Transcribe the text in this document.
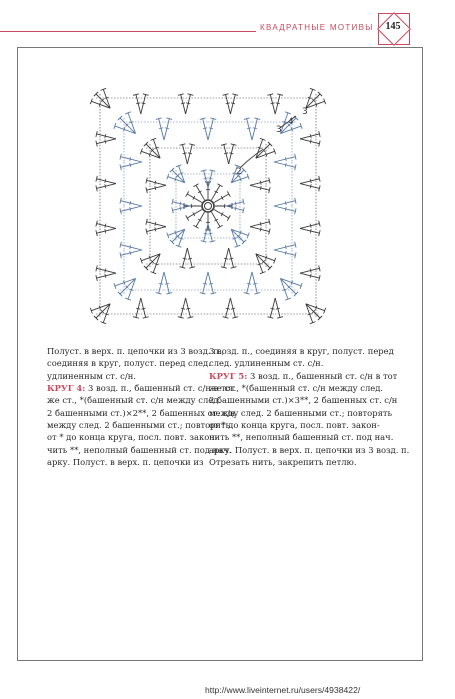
КВАДРАТНЫЕ МОТИВЫ	145
2
3
3
4
Полуст. в верх. п. цепочки из 3 возд. п.,
соединяя в круг, полуст. перед след.
удлиненным ст. с/н.
КРУГ 4: 3 возд. п., башенный ст. с/н в тот
же ст., *(башенный ст. с/н между след.
2 башенными ст.)×2**, 2 башенных ст. с/н
между след. 2 башенными ст.; повторять
от * до конца круга, посл. повт. закон-
чить **, неполный башенный ст. под нач.
арку. Полуст. в верх. п. цепочки из
3 возд. п., соединяя в круг, полуст. перед
след. удлиненным ст. с/н.
КРУГ 5: 3 возд. п., башенный ст. с/н в тот
же ст., *(башенный ст. с/н между след.
2 башенными ст.)×3**, 2 башенных ст. с/н
между след. 2 башенными ст.; повторять
от * до конца круга, посл. повт. закон-
чить **, неполный башенный ст. под нач.
арку. Полуст. в верх. п. цепочки из 3 возд. п.
Отрезать нить, закрепить петлю.
http://www.liveinternet.ru/users/4938422/
